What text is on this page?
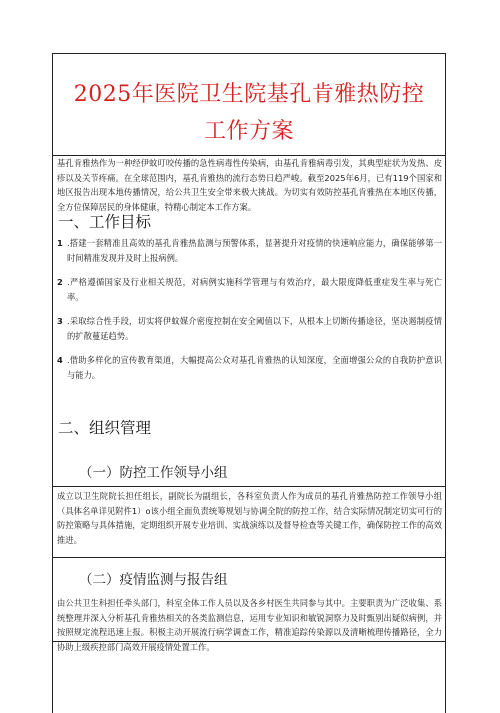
2025年医院卫生院基孔肯雅热防控
工作方案

基孔肯雅热作为一种经伊蚊叮咬传播的急性病毒性传染病，由基孔肯雅病毒引发，其典型症状为发热、皮疹以及关节疼痛。在全球范围内，基孔肯雅热的流行态势日趋严峻。截至2025年6月，已有119个国家和地区报告出现本地传播情况，给公共卫生安全带来极大挑战。为切实有效防控基孔肯雅热在本地区传播，全方位保障居民的身体健康，特精心制定本工作方案。

一、工作目标
1 .搭建一套精准且高效的基孔肯雅热监测与预警体系，显著提升对疫情的快速响应能力，确保能够第一时间精准发现并及时上报病例。
2 .严格遵循国家及行业相关规范，对病例实施科学管理与有效治疗，最大限度降低重症发生率与死亡率。
3 .采取综合性手段，切实将伊蚊媒介密度控制在安全阈值以下，从根本上切断传播途径，坚决遏制疫情的扩散蔓延趋势。
4 .借助多样化的宣传教育渠道，大幅提高公众对基孔肯雅热的认知深度，全面增强公众的自我防护意识与能力。
二、组织管理
（一）防控工作领导小组

成立以卫生院院长担任组长，副院长为副组长，各科室负责人作为成员的基孔肯雅热防控工作领导小组（具体名单详见附件1）o该小组全面负责统筹规划与协调全院的防控工作，结合实际情况制定切实可行的防控策略与具体措施，定期组织开展专业培训、实战演练以及督导检查等关键工作，确保防控工作的高效推进。

（二）疫情监测与报告组

由公共卫生科担任牵头部门，科室全体工作人员以及各乡村医生共同参与其中。主要职责为广泛收集、系统整理并深入分析基孔肯雅热相关的各类监测信息，运用专业知识和敏锐洞察力及时甄别出疑似病例，并按照规定流程迅速上报。积极主动开展流行病学调查工作，精准追踪传染源以及清晰梳理传播路径，全力协助上级疾控部门高效开展疫情处置工作。
